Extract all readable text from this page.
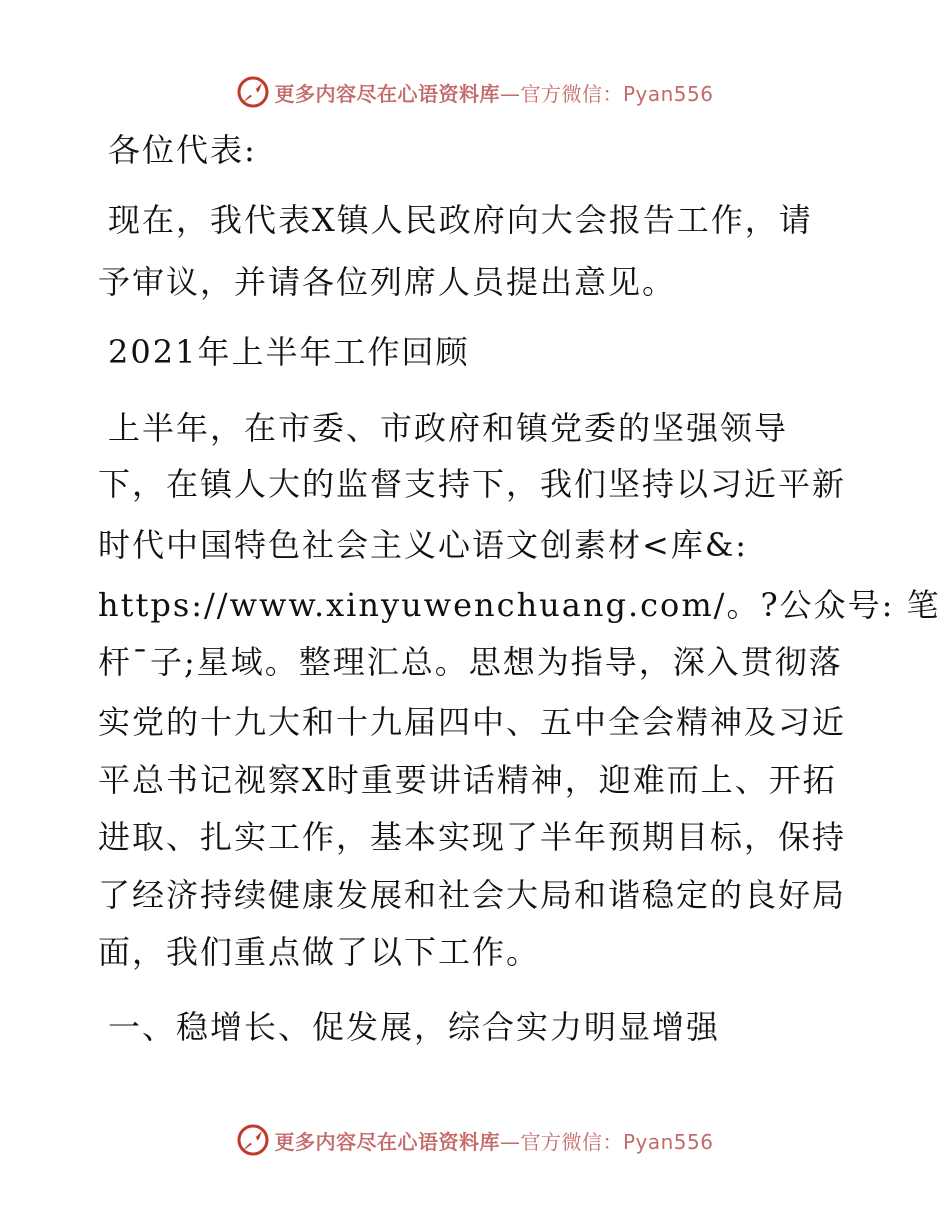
更多内容尽在心语资料库—官方微信：Pyan556
各位代表:
现在，我代表X镇人民政府向大会报告工作，请
予审议，并请各位列席人员提出意见。
2021年上半年工作回顾
上半年，在市委、市政府和镇党委的坚强领导
下，在镇人大的监督支持下，我们坚持以习近平新
时代中国特色社会主义心语文创素材<库&:
https://www.xinyuwenchuang.com/。?公众号: 笔
杆¯子;星域。整理汇总。思想为指导，深入贯彻落
实党的十九大和十九届四中、五中全会精神及习近
平总书记视察X时重要讲话精神，迎难而上、开拓
进取、扎实工作，基本实现了半年预期目标，保持
了经济持续健康发展和社会大局和谐稳定的良好局
面，我们重点做了以下工作。
一、稳增长、促发展，综合实力明显增强
更多内容尽在心语资料库—官方微信：Pyan556
